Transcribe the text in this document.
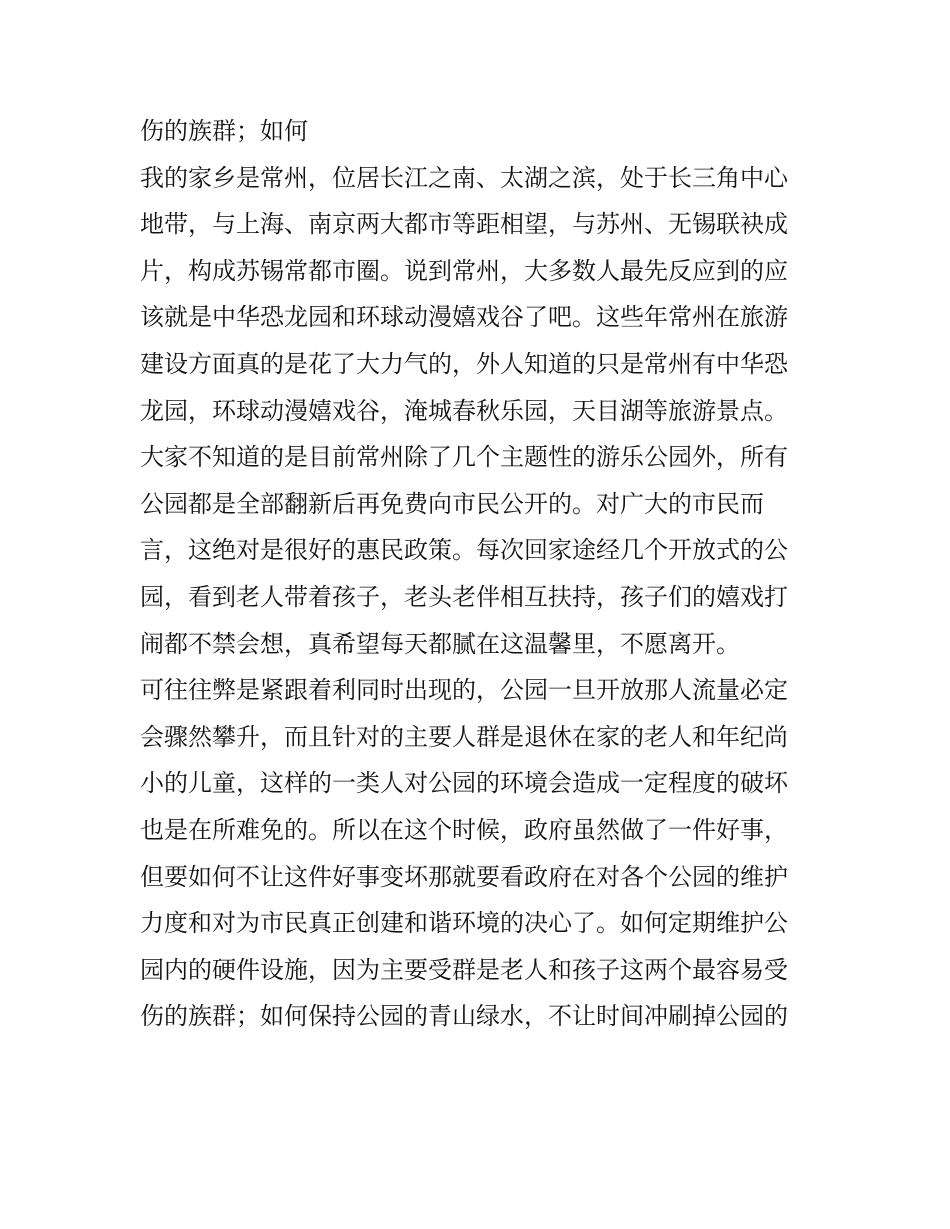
伤的族群；如何
我的家乡是常州，位居长江之南、太湖之滨，处于长三角中心
地带，与上海、南京两大都市等距相望，与苏州、无锡联袂成
片，构成苏锡常都市圈。说到常州，大多数人最先反应到的应
该就是中华恐龙园和环球动漫嬉戏谷了吧。这些年常州在旅游
建设方面真的是花了大力气的，外人知道的只是常州有中华恐
龙园，环球动漫嬉戏谷，淹城春秋乐园，天目湖等旅游景点。
大家不知道的是目前常州除了几个主题性的游乐公园外，所有
公园都是全部翻新后再免费向市民公开的。对广大的市民而
言，这绝对是很好的惠民政策。每次回家途经几个开放式的公
园，看到老人带着孩子，老头老伴相互扶持，孩子们的嬉戏打
闹都不禁会想，真希望每天都腻在这温馨里，不愿离开。
可往往弊是紧跟着利同时出现的，公园一旦开放那人流量必定
会骤然攀升，而且针对的主要人群是退休在家的老人和年纪尚
小的儿童，这样的一类人对公园的环境会造成一定程度的破坏
也是在所难免的。所以在这个时候，政府虽然做了一件好事，
但要如何不让这件好事变坏那就要看政府在对各个公园的维护
力度和对为市民真正创建和谐环境的决心了。如何定期维护公
园内的硬件设施，因为主要受群是老人和孩子这两个最容易受
伤的族群；如何保持公园的青山绿水，不让时间冲刷掉公园的
